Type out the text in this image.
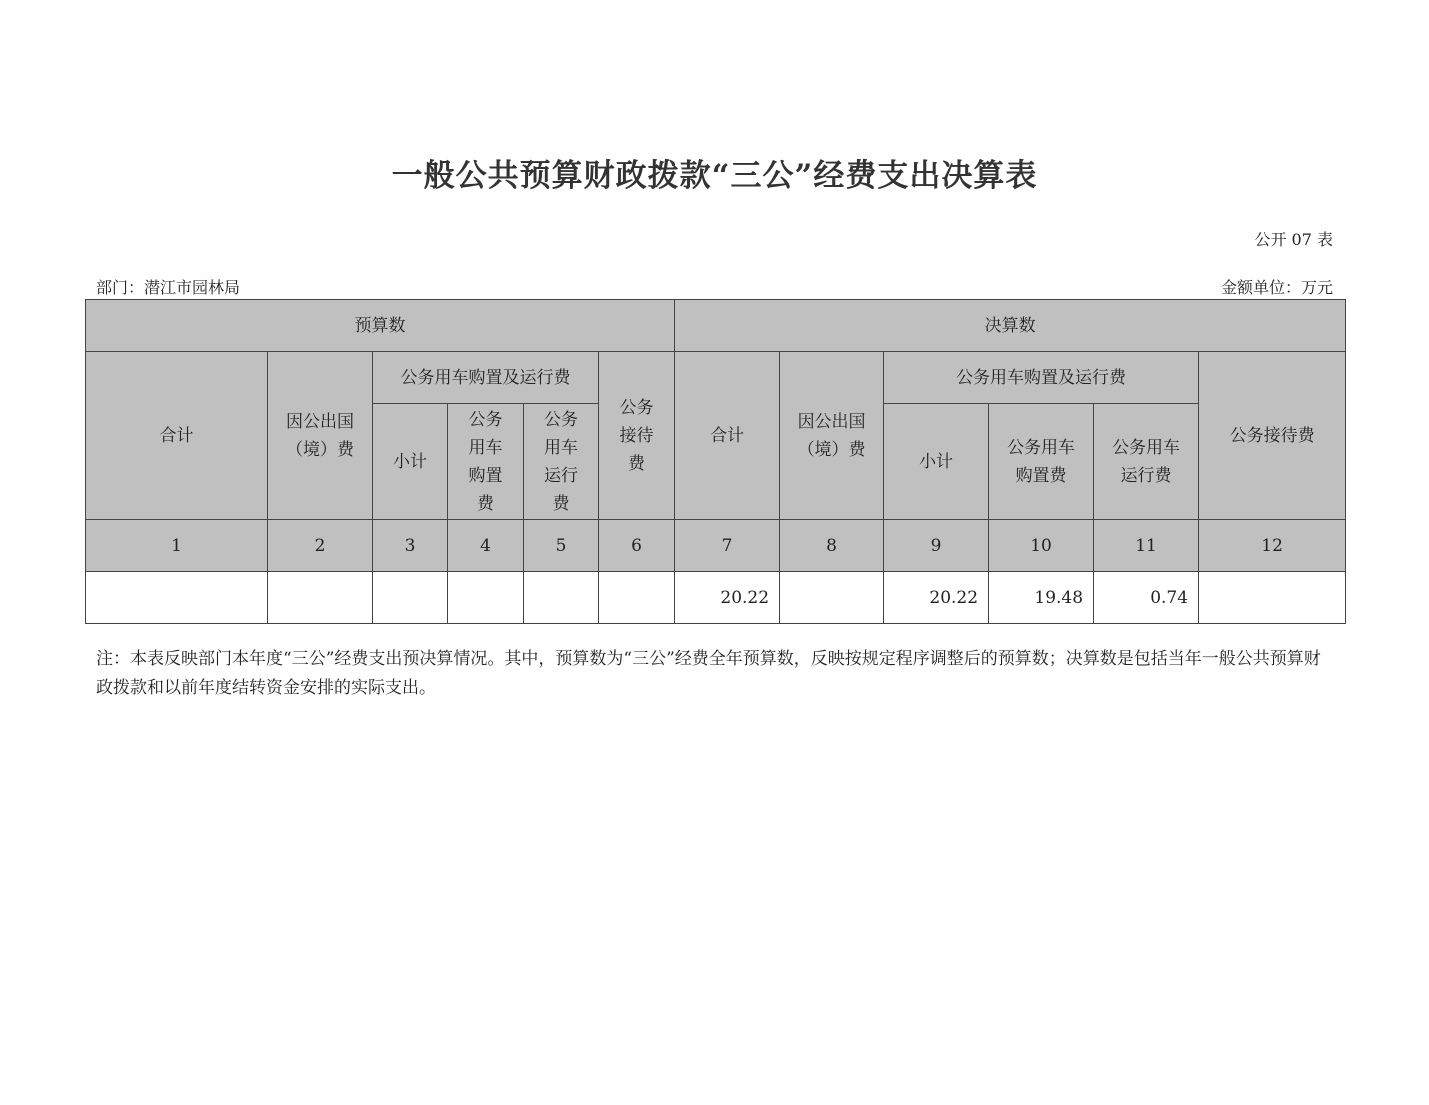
一般公共预算财政拨款“三公”经费支出决算表
公开 07 表
部门：潜江市园林局	金额单位：万元
预算数						决算数					
合计	因公出国（境）费	公务用车购置及运行费			公务接待费	合计	因公出国（境）费	公务用车购置及运行费			公务接待费
		小计	公务用车购置费	公务用车运行费				小计	公务用车购置费	公务用车运行费	
1	2	3	4	5	6	7	8	9	10	11	12
						20.22		20.22	19.48	0.74	
注：本表反映部门本年度“三公”经费支出预决算情况。其中，预算数为“三公”经费全年预算数，反映按规定程序调整后的预算数；决算数是包括当年一般公共预算财政拨款和以前年度结转资金安排的实际支出。
